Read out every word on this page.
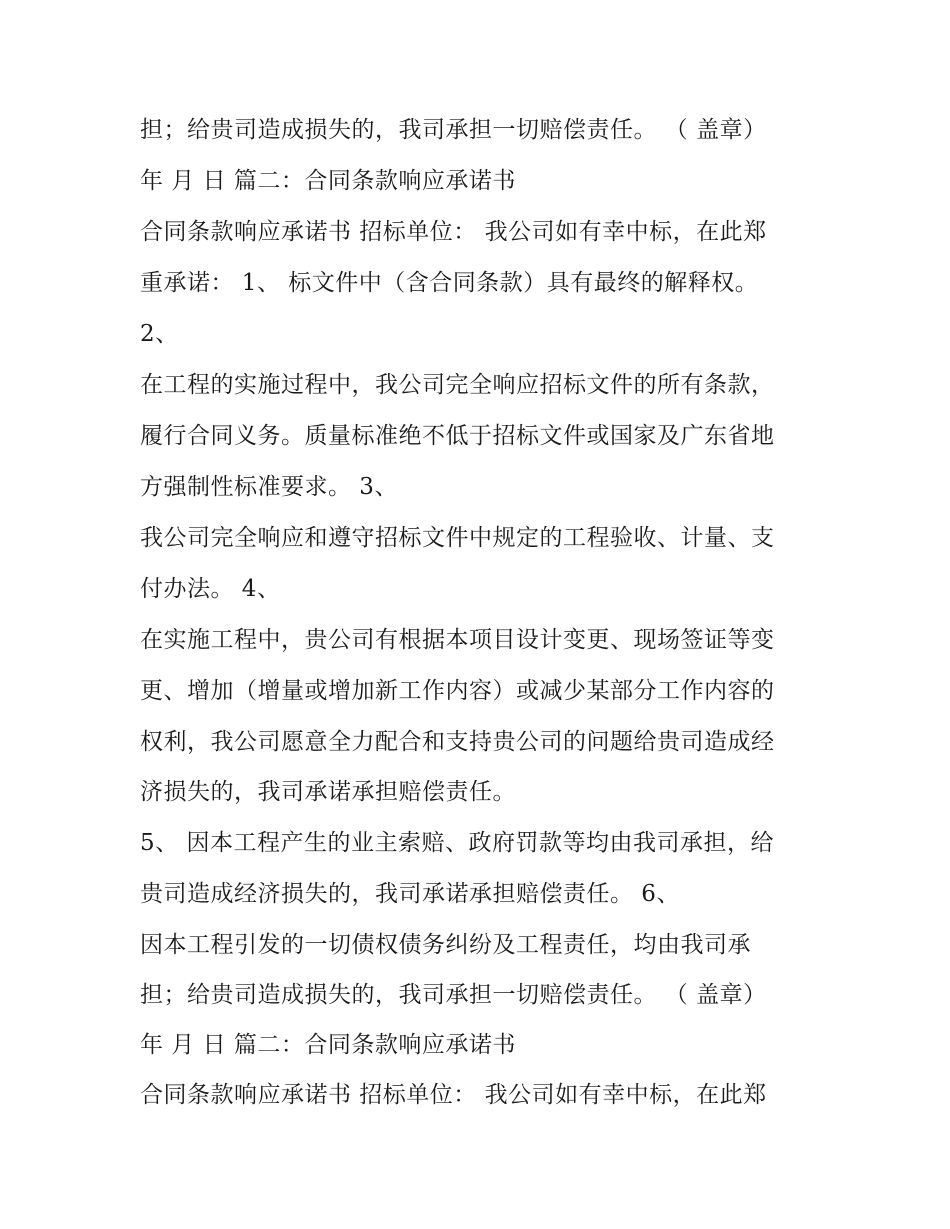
担；给贵司造成损失的，我司承担一切赔偿责任。 （ 盖章）
年 月 日 篇二：合同条款响应承诺书
合同条款响应承诺书 招标单位： 我公司如有幸中标，在此郑
重承诺： 1、 标文件中（含合同条款）具有最终的解释权。
2、
在工程的实施过程中，我公司完全响应招标文件的所有条款，
履行合同义务。质量标准绝不低于招标文件或国家及广东省地
方强制性标准要求。 3、
我公司完全响应和遵守招标文件中规定的工程验收、计量、支
付办法。 4、
在实施工程中，贵公司有根据本项目设计变更、现场签证等变
更、增加（增量或增加新工作内容）或减少某部分工作内容的
权利，我公司愿意全力配合和支持贵公司的问题给贵司造成经
济损失的，我司承诺承担赔偿责任。
5、 因本工程产生的业主索赔、政府罚款等均由我司承担，给
贵司造成经济损失的，我司承诺承担赔偿责任。 6、
因本工程引发的一切债权债务纠纷及工程责任，均由我司承
担；给贵司造成损失的，我司承担一切赔偿责任。 （ 盖章）
年 月 日 篇二：合同条款响应承诺书
合同条款响应承诺书 招标单位： 我公司如有幸中标，在此郑
